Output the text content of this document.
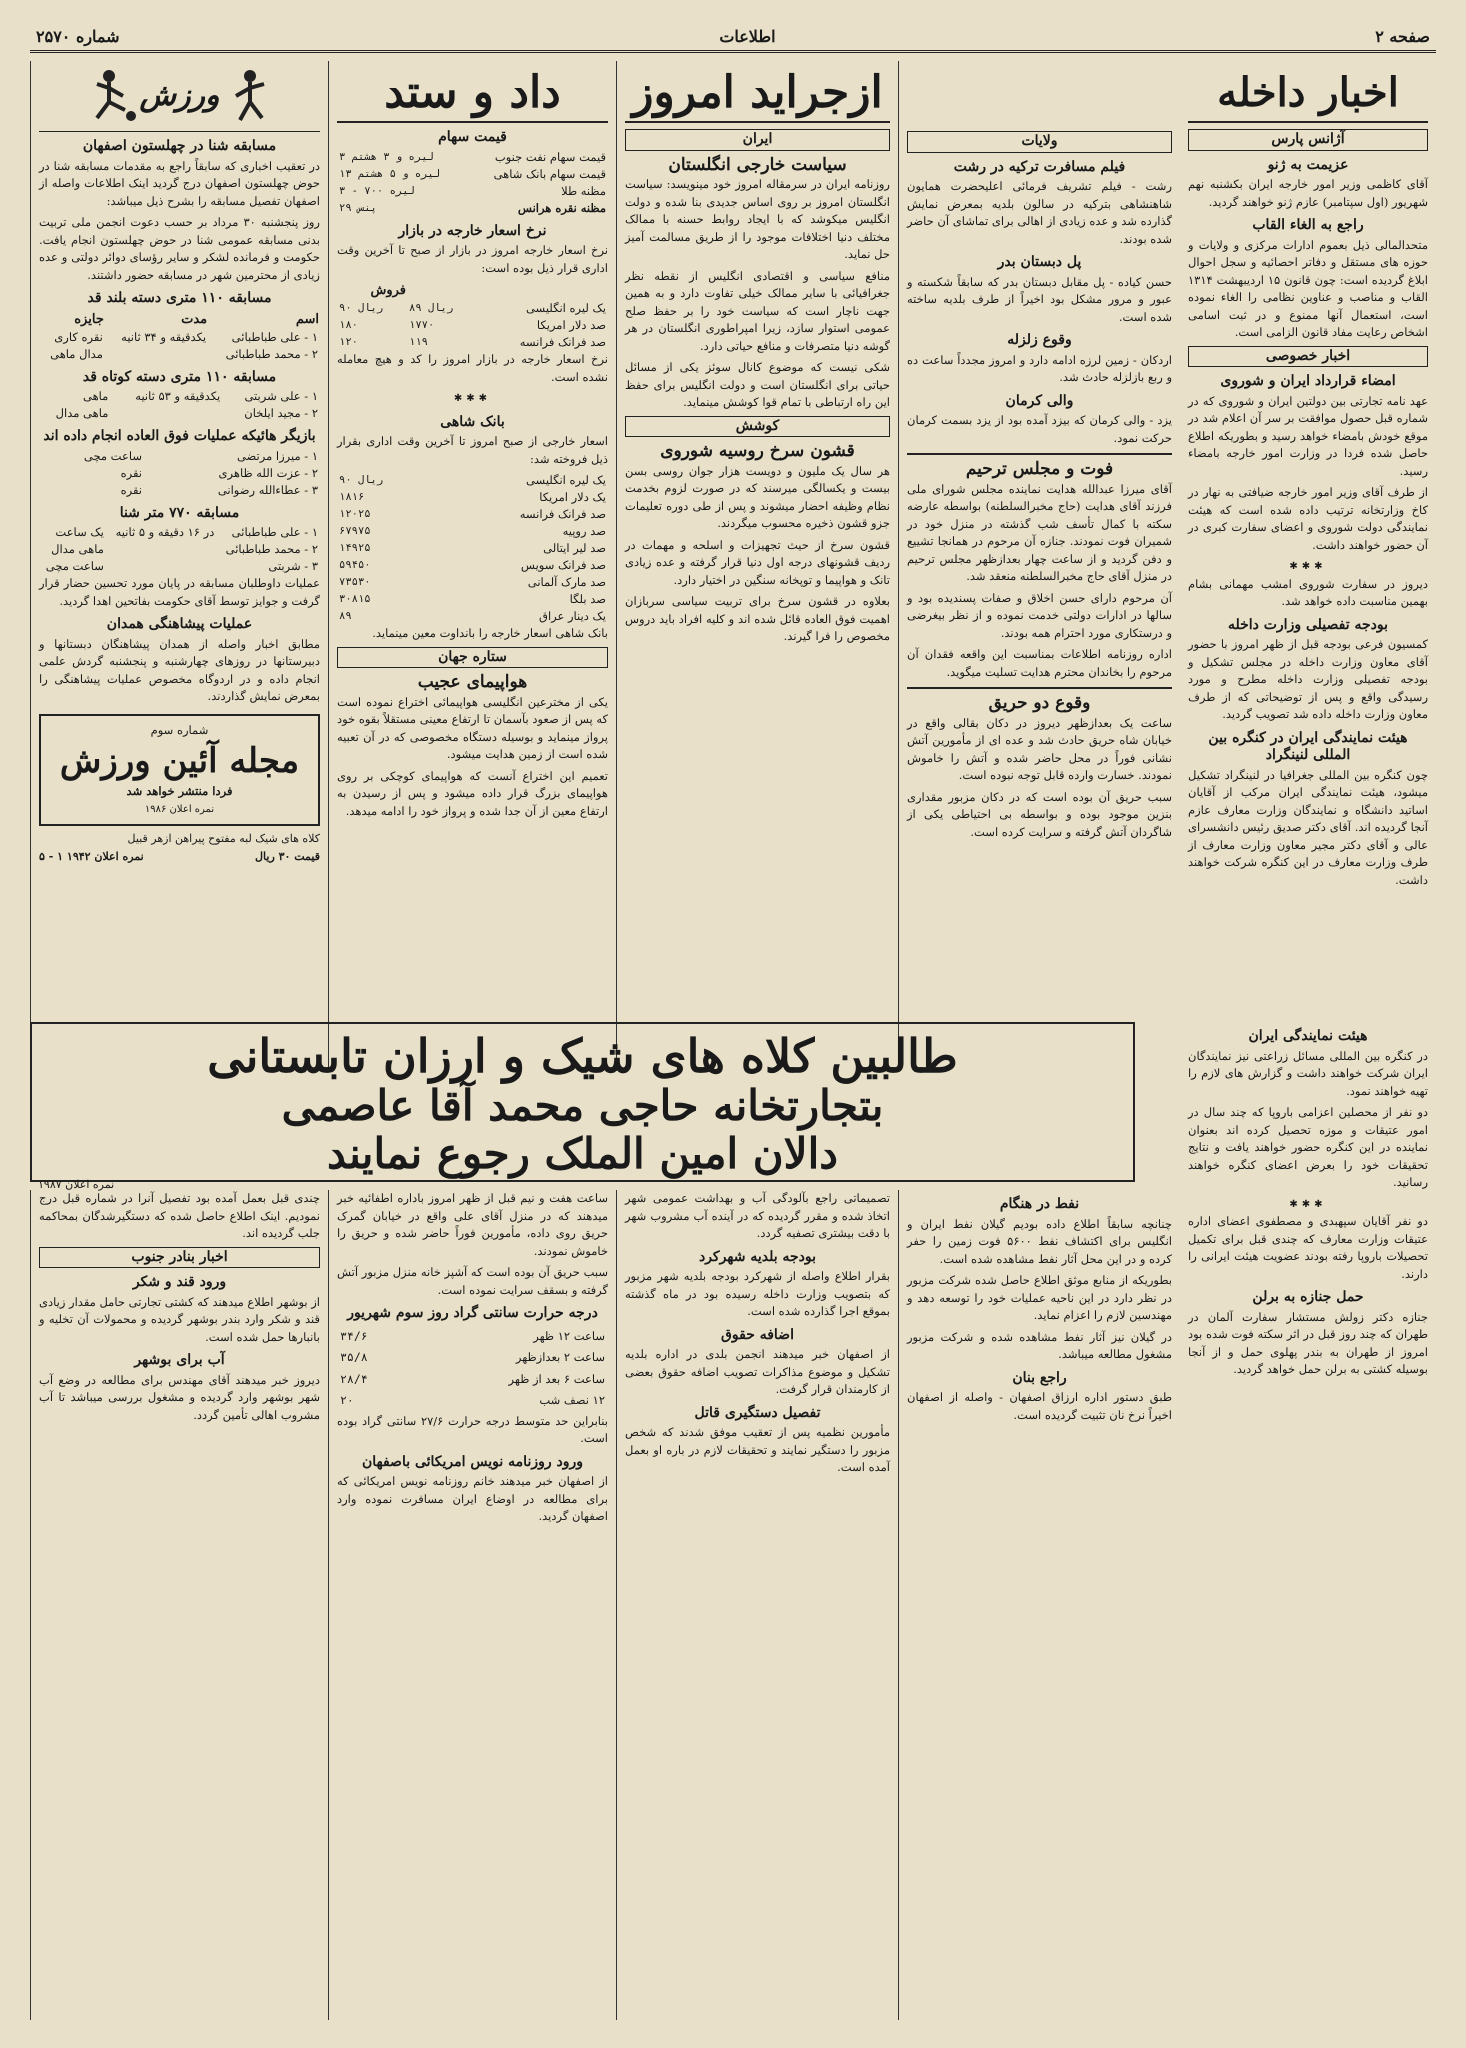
صفحه ۲
اطلاعات
شماره ۲۵۷۰
اخبار داخله
آژانس پارس
عزیمت به ژنو

آقای کاظمی وزیر امور خارجه ایران بکشنبه نهم شهریور (اول سپتامبر) عازم ژنو خواهند گردید.

راجع به الغاء القاب

متحدالمالی ذیل بعموم ادارات مرکزی و ولایات و حوزه های مستقل و دفاتر احصائیه و سجل احوال ابلاغ گردیده است: چون قانون ۱۵ اردیبهشت ۱۳۱۴ القاب و مناصب و عناوین نظامی را الغاء نموده است، استعمال آنها ممنوع و در ثبت اسامی اشخاص رعایت مفاد قانون الزامی است.

اخبار خصوصی
امضاء قرارداد ایران و شوروی

عهد نامه تجارتی بین دولتین ایران و شوروی که در شماره قبل حصول موافقت بر سر آن اعلام شد در موقع خودش بامضاء خواهد رسید و بطوریکه اطلاع حاصل شده فردا در وزارت امور خارجه بامضاء رسید.

از طرف آقای وزیر امور خارجه ضیافتی به نهار در کاخ وزارتخانه ترتیب داده شده است که هیئت نمایندگی دولت شوروی و اعضای سفارت کبری در آن حضور خواهند داشت.

✱✱✱

دیروز در سفارت شوروی امشب مهمانی بشام بهمین مناسبت داده خواهد شد.

بودجه تفصیلی وزارت داخله

کمسیون فرعی بودجه قبل از ظهر امروز با حضور آقای معاون وزارت داخله در مجلس تشکیل و بودجه تفصیلی وزارت داخله مطرح و مورد رسیدگی واقع و پس از توضیحاتی که از طرف معاون وزارت داخله داده شد تصویب گردید.

هیئت نمایندگی ایران در کنگره بین المللی لنینگراد

چون کنگره بین المللی جغرافیا در لنینگراد تشکیل میشود، هیئت نمایندگی ایران مرکب از آقایان اساتید دانشگاه و نمایندگان وزارت معارف عازم آنجا گردیده اند. آقای دکتر صدیق رئیس دانشسرای عالی و آقای دکتر مجیر معاون وزارت معارف از طرف وزارت معارف در این کنگره شرکت خواهند داشت.

ولایات
فیلم مسافرت ترکیه در رشت

رشت - فیلم تشریف فرمائی اعلیحضرت همایون شاهنشاهی بترکیه در سالون بلدیه بمعرض نمایش گذارده شد و عده زیادی از اهالی برای تماشای آن حاضر شده بودند.

پل دبستان بدر

حسن کیاده - پل مقابل دبستان بدر که سابقاً شکسته و عبور و مرور مشکل بود اخیراً از طرف بلدیه ساخته شده است.

وقوع زلزله

اردکان - زمین لرزه ادامه دارد و امروز مجدداً ساعت ده و ربع بازلزله حادث شد.

والی کرمان

یزد - والی کرمان که بیزد آمده بود از یزد بسمت کرمان حرکت نمود.

فوت و مجلس ترحیم

آقای میرزا عبدالله هدایت نماینده مجلس شورای ملی فرزند آقای هدایت (حاج مخبرالسلطنه) بواسطه عارضه سکته با کمال تأسف شب گذشته در منزل خود در شمیران فوت نمودند. جنازه آن مرحوم در همانجا تشییع و دفن گردید و از ساعت چهار بعدازظهر مجلس ترحیم در منزل آقای حاج مخبرالسلطنه منعقد شد.

آن مرحوم دارای حسن اخلاق و صفات پسندیده بود و سالها در ادارات دولتی خدمت نموده و از نظر بیغرضی و درستکاری مورد احترام همه بودند.

اداره روزنامه اطلاعات بمناسبت این واقعه فقدان آن مرحوم را بخاندان محترم هدایت تسلیت میگوید.

وقوع دو حریق

ساعت یک بعدازظهر دیروز در دکان بقالی واقع در خیابان شاه حریق حادث شد و عده ای از مأمورین آتش نشانی فوراً در محل حاضر شده و آتش را خاموش نمودند. خسارت وارده قابل توجه نبوده است.

سبب حریق آن بوده است که در دکان مزبور مقداری بنزین موجود بوده و بواسطه بی احتیاطی یکی از شاگردان آتش گرفته و سرایت کرده است.

ازجراید امروز
ایران
سیاست خارجی انگلستان

روزنامه ایران در سرمقاله امروز خود مینویسد: سیاست انگلستان امروز بر روی اساس جدیدی بنا شده و دولت انگلیس میکوشد که با ایجاد روابط حسنه با ممالک مختلف دنیا اختلافات موجود را از طریق مسالمت آمیز حل نماید.

منافع سیاسی و اقتصادی انگلیس از نقطه نظر جغرافیائی با سایر ممالک خیلی تفاوت دارد و به همین جهت ناچار است که سیاست خود را بر حفظ صلح عمومی استوار سازد، زیرا امپراطوری انگلستان در هر گوشه دنیا متصرفات و منافع حیاتی دارد.

شکی نیست که موضوع کانال سوئز یکی از مسائل حیاتی برای انگلستان است و دولت انگلیس برای حفظ این راه ارتباطی با تمام قوا کوشش مینماید.

کوشش
قشون سرخ روسیه شوروی

هر سال یک ملیون و دویست هزار جوان روسی بسن بیست و یکسالگی میرسند که در صورت لزوم بخدمت نظام وظیفه احضار میشوند و پس از طی دوره تعلیمات جزو قشون ذخیره محسوب میگردند.

قشون سرخ از حیث تجهیزات و اسلحه و مهمات در ردیف قشونهای درجه اول دنیا قرار گرفته و عده زیادی تانک و هواپیما و توپخانه سنگین در اختیار دارد.

بعلاوه در قشون سرخ برای تربیت سیاسی سربازان اهمیت فوق العاده قائل شده اند و کلیه افراد باید دروس مخصوص را فرا گیرند.

داد و ستد
قیمت سهام
قیمت سهام نفت جنوب	۳ لیره و ۳ هشتم
قیمت سهام بانک شاهی	۱۳ لیره و ۵ هشتم
مظنه طلا	۳ - ۷۰۰ لیره
مظنه نقره هرانس	۲۹ پنس
نرخ اسعار خارجه در بازار

نرخ اسعار خارجه امروز در بازار از صبح تا آخرین وقت اداری قرار ذیل بوده است:

		فروش
یک لیره انگلیسی	۸۹ ریال	۹۰ ریال
صد دلار امریکا	۱۷۷۰	۱۸۰
صد فرانک فرانسه	۱۱۹	۱۲۰

نرخ اسعار خارجه در بازار امروز را کد و هیچ معامله نشده است.

✱✱✱
بانک شاهی

اسعار خارجی از صبح امروز تا آخرین وقت اداری بقرار ذیل فروخته شد:

یک لیره انگلیسی	۹۰ ریال
یک دلار امریکا	۱۸۱۶
صد فرانک فرانسه	۱۲۰۲۵
صد روپیه	۶۷۹۷۵
صد لیر ایتالی	۱۴۹۲۵
صد فرانک سویس	۵۹۴۵۰
صد مارک آلمانی	۷۳۵۳۰
صد بلگا	۳۰۸۱۵
یک دینار عراق	۸۹

بانک شاهی اسعار خارجه را بانداوت معین مینماید.

ستاره جهان
هواپیمای عجیب

یکی از مخترعین انگلیسی هواپیمائی اختراع نموده است که پس از صعود بآسمان تا ارتفاع معینی مستقلاً بقوه خود پرواز مینماید و بوسیله دستگاه مخصوصی که در آن تعبیه شده است از زمین هدایت میشود.

تعمیم این اختراع آنست که هواپیمای کوچکی بر روی هواپیمای بزرگ قرار داده میشود و پس از رسیدن به ارتفاع معین از آن جدا شده و پرواز خود را ادامه میدهد.

ورزش
مسابقه شنا در چهلستون اصفهان

در تعقیب اخباری که سابقاً راجع به مقدمات مسابقه شنا در حوض چهلستون اصفهان درج گردید اینک اطلاعات واصله از اصفهان تفصیل مسابقه را بشرح ذیل میباشد:

روز پنجشنبه ۳۰ مرداد بر حسب دعوت انجمن ملی تربیت بدنی مسابقه عمومی شنا در حوض چهلستون انجام یافت. حکومت و فرمانده لشکر و سایر رؤسای دوائر دولتی و عده زیادی از محترمین شهر در مسابقه حضور داشتند.

مسابقه ۱۱۰ متری دسته بلند قد
اسم	مدت	جایزه
۱ - علی طباطبائی	یکدقیقه و ۳۴ ثانیه	نقره کاری
۲ - محمد طباطبائی		مدال ماهی
مسابقه ۱۱۰ متری دسته کوتاه قد
۱ - علی شربتی	یکدقیقه و ۵۳ ثانیه	ماهی
۲ - مجید ایلخان		ماهی مدال
بازیگر هائیکه عملیات فوق العاده انجام داده اند
۱ - میرزا مرتضی	ساعت مچی
۲ - عزت الله ظاهری	نقره
۳ - عطاءالله رضوانی	نقره
مسابقه ۷۷۰ متر شنا
۱ - علی طباطبائی	در ۱۶ دقیقه و ۵ ثانیه	یک ساعت
۲ - محمد طباطبائی		ماهی مدال
۳ - شربتی		ساعت مچی

عملیات داوطلبان مسابقه در پایان مورد تحسین حضار قرار گرفت و جوایز توسط آقای حکومت بفاتحین اهدا گردید.

عملیات پیشاهنگی همدان

مطابق اخبار واصله از همدان پیشاهنگان دبستانها و دبیرستانها در روزهای چهارشنبه و پنجشنبه گردش علمی انجام داده و در اردوگاه مخصوص عملیات پیشاهنگی را بمعرض نمایش گذاردند.

شماره سوم
مجله آئین ورزش
فردا منتشر خواهد شد
نمره اعلان ۱۹۸۶
کلاه های شیک لبه مفتوح پیراهن ازهر قبیل
قیمت ۳۰ ریال
نمره اعلان ۱۹۴۲ ۱ - ۵
طالبین کلاه های شیک و ارزان تابستانی
بتجارتخانه حاجی محمد آقا عاصمی
دالان امین الملک رجوع نمایند
نمره اعلان ۱۹۸۷
هیئت نمایندگی ایران

در کنگره بین المللی مسائل زراعتی نیز نمایندگان ایران شرکت خواهند داشت و گزارش های لازم را تهیه خواهند نمود.

دو نفر از محصلین اعزامی باروپا که چند سال در امور عتیقات و موزه تحصیل کرده اند بعنوان نماینده در این کنگره حضور خواهند یافت و نتایج تحقیقات خود را بعرض اعضای کنگره خواهند رسانید.

✱✱✱

دو نفر آقایان سپهبدی و مصطفوی اعضای اداره عتیقات وزارت معارف که چندی قبل برای تکمیل تحصیلات باروپا رفته بودند عضویت هیئت ایرانی را دارند.

حمل جنازه به برلن

جنازه دکتر زولش مستشار سفارت آلمان در طهران که چند روز قبل در اثر سکته فوت شده بود امروز از طهران به بندر پهلوی حمل و از آنجا بوسیله کشتی به برلن حمل خواهد گردید.

نفط در هنگام

چنانچه سابقاً اطلاع داده بودیم گیلان نفط ایران و انگلیس برای اکتشاف نفط ۵۶۰۰ فوت زمین را حفر کرده و در این محل آثار نفط مشاهده شده است.

بطوریکه از منابع موثق اطلاع حاصل شده شرکت مزبور در نظر دارد در این ناحیه عملیات خود را توسعه دهد و مهندسین لازم را اعزام نماید.

در گیلان نیز آثار نفط مشاهده شده و شرکت مزبور مشغول مطالعه میباشد.

راجع بنان

طبق دستور اداره ارزاق اصفهان - واصله از اصفهان اخیراً نرخ نان تثبیت گردیده است.

تصمیماتی راجع بآلودگی آب و بهداشت عمومی شهر اتخاذ شده و مقرر گردیده که در آینده آب مشروب شهر با دقت بیشتری تصفیه گردد.

بودجه بلدیه شهرکرد

بقرار اطلاع واصله از شهرکرد بودجه بلدیه شهر مزبور که بتصویب وزارت داخله رسیده بود در ماه گذشته بموقع اجرا گذارده شده است.

اضافه حقوق

از اصفهان خبر میدهند انجمن بلدی در اداره بلدیه تشکیل و موضوع مذاکرات تصویب اضافه حقوق بعضی از کارمندان قرار گرفت.

تفصیل دستگیری قاتل

مأمورین نظمیه پس از تعقیب موفق شدند که شخص مزبور را دستگیر نمایند و تحقیقات لازم در باره او بعمل آمده است.

ساعت هفت و نیم قبل از ظهر امروز باداره اطفائیه خبر میدهند که در منزل آقای علی واقع در خیابان گمرک حریق روی داده، مأمورین فوراً حاضر شده و حریق را خاموش نمودند.

سبب حریق آن بوده است که آشپز خانه منزل مزبور آتش گرفته و بسقف سرایت نموده است.

درجه حرارت سانتی گراد روز سوم شهریور
ساعت ۱۲ ظهر	۳۴/۶
ساعت ۲ بعدازظهر	۳۵/۸
ساعت ۶ بعد از ظهر	۲۸/۴
۱۲ نصف شب	۲۰

بنابراین حد متوسط درجه حرارت ۲۷/۶ سانتی گراد بوده است.

ورود روزنامه نویس امریکائی باصفهان

از اصفهان خبر میدهند خانم روزنامه نویس امریکائی که برای مطالعه در اوضاع ایران مسافرت نموده وارد اصفهان گردید.

چندی قبل بعمل آمده بود تفصیل آنرا در شماره قبل درج نمودیم. اینک اطلاع حاصل شده که دستگیرشدگان بمحاکمه جلب گردیده اند.

اخبار بنادر جنوب
ورود قند و شکر

از بوشهر اطلاع میدهند که کشتی تجارتی حامل مقدار زیادی قند و شکر وارد بندر بوشهر گردیده و محمولات آن تخلیه و بانبارها حمل شده است.

آب برای بوشهر

دیروز خبر میدهند آقای مهندس برای مطالعه در وضع آب شهر بوشهر وارد گردیده و مشغول بررسی میباشد تا آب مشروب اهالی تأمین گردد.
